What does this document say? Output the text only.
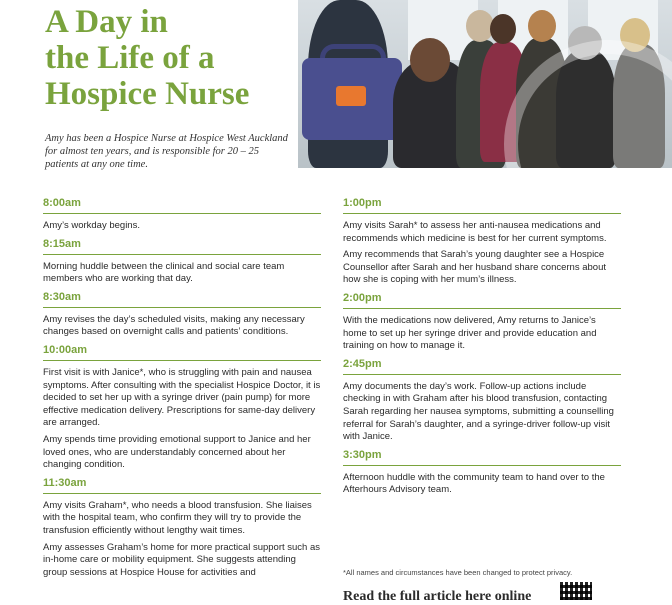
A Day in
the Life of a
Hospice Nurse
Amy has been a Hospice Nurse at Hospice West Auckland for almost ten years, and is responsible for 20 – 25 patients at any one time.
8:00am

Amy’s workday begins.

8:15am

Morning huddle between the clinical and social care team members who are working that day.

8:30am

Amy revises the day’s scheduled visits, making any necessary changes based on overnight calls and patients’ conditions.

10:00am

First visit is with Janice*, who is struggling with pain and nausea symptoms. After consulting with the specialist Hospice Doctor, it is decided to set her up with a syringe driver (pain pump) for more effective medication delivery. Prescriptions for same-day delivery are arranged.

Amy spends time providing emotional support to Janice and her loved ones, who are understandably concerned about her changing condition.

11:30am

Amy visits Graham*, who needs a blood transfusion. She liaises with the hospital team, who confirm they will try to provide the transfusion efficiently without lengthy wait times.

Amy assesses Graham’s home for more practical support such as in-home care or mobility equipment. She suggests attending group sessions at Hospice House for activities and

1:00pm

Amy visits Sarah* to assess her anti-nausea medications and recommends which medicine is best for her current symptoms.

Amy recommends that Sarah’s young daughter see a Hospice Counsellor after Sarah and her husband share concerns about how she is coping with her mum’s illness.

2:00pm

With the medications now delivered, Amy returns to Janice’s home to set up her syringe driver and provide education and training on how to manage it.

2:45pm

Amy documents the day’s work. Follow-up actions include checking in with Graham after his blood transfusion, contacting Sarah regarding her nausea symptoms, submitting a counselling referral for Sarah’s daughter, and a syringe-driver follow-up visit with Janice.

3:30pm

Afternoon huddle with the community team to hand over to the Afterhours Advisory team.

*All names and circumstances have been changed to protect privacy.
Read the full article here online
